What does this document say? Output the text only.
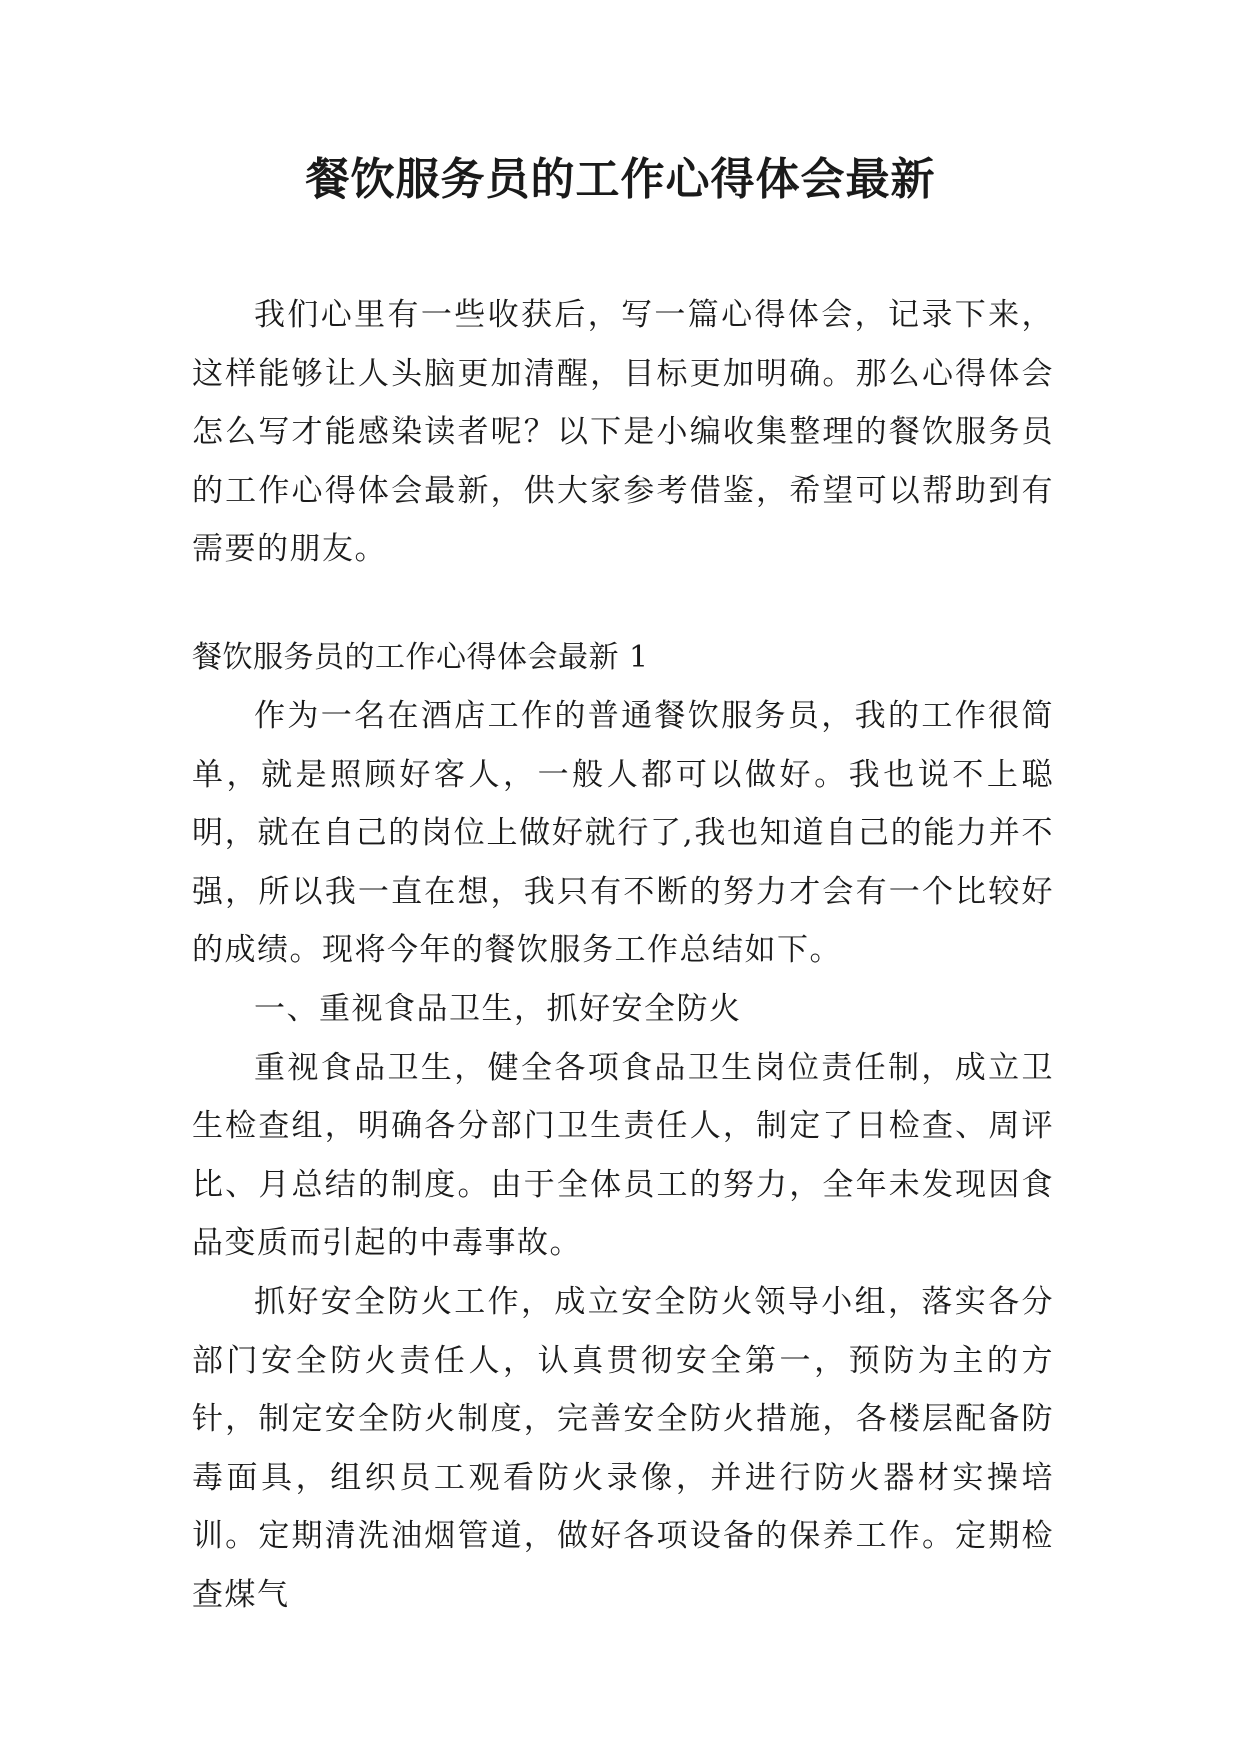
餐饮服务员的工作心得体会最新

我们心里有一些收获后，写一篇心得体会，记录下来，这样能够让人头脑更加清醒，目标更加明确。那么心得体会怎么写才能感染读者呢？以下是小编收集整理的餐饮服务员的工作心得体会最新，供大家参考借鉴，希望可以帮助到有需要的朋友。

餐饮服务员的工作心得体会最新 1

作为一名在酒店工作的普通餐饮服务员，我的工作很简单，就是照顾好客人，一般人都可以做好。我也说不上聪明，就在自己的岗位上做好就行了,我也知道自己的能力并不强，所以我一直在想，我只有不断的努力才会有一个比较好的成绩。现将今年的餐饮服务工作总结如下。

一、重视食品卫生，抓好安全防火

重视食品卫生，健全各项食品卫生岗位责任制，成立卫生检查组，明确各分部门卫生责任人，制定了日检查、周评比、月总结的制度。由于全体员工的努力，全年未发现因食品变质而引起的中毒事故。

抓好安全防火工作，成立安全防火领导小组，落实各分部门安全防火责任人，认真贯彻安全第一，预防为主的方针，制定安全防火制度，完善安全防火措施，各楼层配备防毒面具，组织员工观看防火录像，并进行防火器材实操培训。定期清洗油烟管道，做好各项设备的保养工作。定期检查煤气
